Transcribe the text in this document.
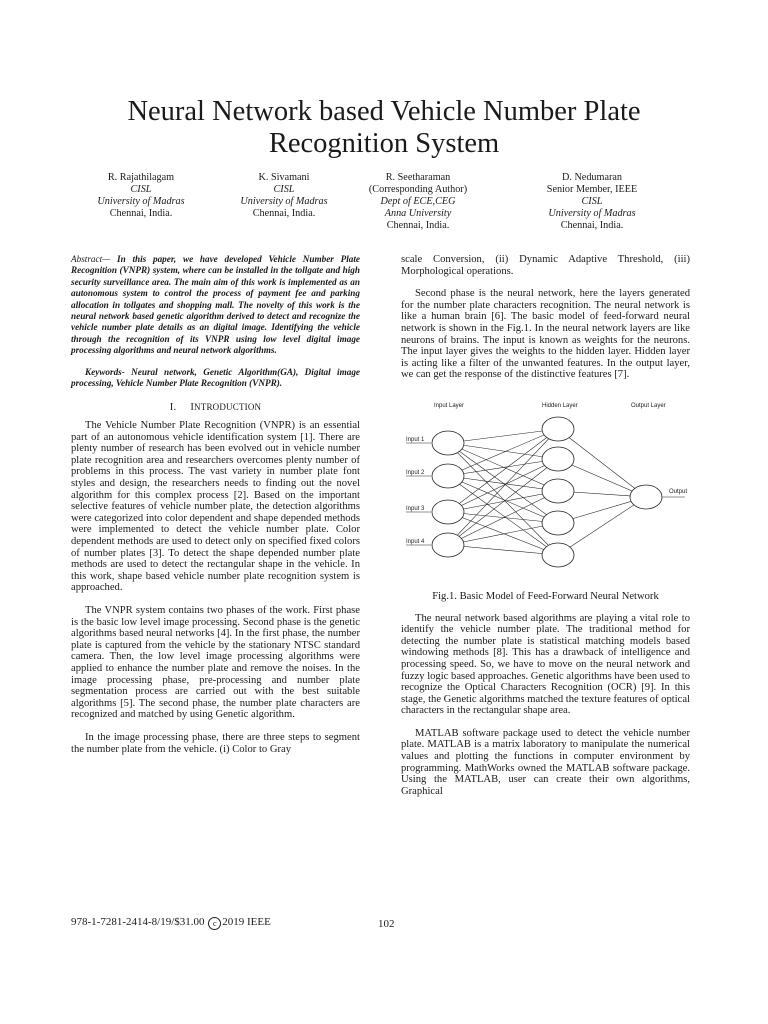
Neural Network based Vehicle Number Plate Recognition System
R. Rajathilagam
CISL
University of Madras
Chennai, India.
K. Sivamani
CISL
University of Madras
Chennai, India.
R. Seetharaman
(Corresponding Author)
Dept of ECE,CEG
Anna University
Chennai, India.
D. Nedumaran
Senior Member, IEEE
CISL
University of Madras
Chennai, India.

Abstract— In this paper, we have developed Vehicle Number Plate Recognition (VNPR) system, where can be installed in the tollgate and high security surveillance area. The main aim of this work is implemented as an autonomous system to control the process of payment fee and parking allocation in tollgates and shopping mall. The novelty of this work is the neural network based genetic algorithm derived to detect and recognize the vehicle number plate details as an digital image. Identifying the vehicle through the recognition of its VNPR using low level digital image processing algorithms and neural network algorithms.

Keywords- Neural network, Genetic Algorithm(GA), Digital image processing, Vehicle Number Plate Recognition (VNPR).

I. INTRODUCTION

The Vehicle Number Plate Recognition (VNPR) is an essential part of an autonomous vehicle identification system [1]. There are plenty number of research has been evolved out in vehicle number plate recognition area and researchers overcomes plenty number of problems in this process. The vast variety in number plate font styles and design, the researchers needs to finding out the novel algorithm for this complex process [2]. Based on the important selective features of vehicle number plate, the detection algorithms were categorized into color dependent and shape depended methods were implemented to detect the vehicle number plate. Color dependent methods are used to detect only on specified fixed colors of number plates [3]. To detect the shape depended number plate methods are used to detect the rectangular shape in the vehicle. In this work, shape based vehicle number plate recognition system is approached.

The VNPR system contains two phases of the work. First phase is the basic low level image processing. Second phase is the genetic algorithms based neural networks [4]. In the first phase, the number plate is captured from the vehicle by the stationary NTSC standard camera. Then, the low level image processing algorithms were applied to enhance the number plate and remove the noises. In the image processing phase, pre-processing and number plate segmentation process are carried out with the best suitable algorithms [5]. The second phase, the number plate characters are recognized and matched by using Genetic algorithm.

In the image processing phase, there are three steps to segment the number plate from the vehicle. (i) Color to Gray

scale Conversion, (ii) Dynamic Adaptive Threshold, (iii) Morphological operations.

Second phase is the neural network, here the layers generated for the number plate characters recognition. The neural network is like a human brain [6]. The basic model of feed-forward neural network is shown in the Fig.1. In the neural network layers are like neurons of brains. The input is known as weights for the neurons. The input layer gives the weights to the hidden layer. Hidden layer is acting like a filter of the unwanted features. In the output layer, we can get the response of the distinctive features [7].

Input Layer	Hidden Layer	Output Layer
Input 1
Input 2
Input 3
Input 4
Output
Fig.1. Basic Model of Feed-Forward Neural Network

The neural network based algorithms are playing a vital role to identify the vehicle number plate. The traditional method for detecting the number plate is statistical matching models based windowing methods [8]. This has a drawback of intelligence and processing speed. So, we have to move on the neural network and fuzzy logic based approaches. Genetic algorithms have been used to recognize the Optical Characters Recognition (OCR) [9]. In this stage, the Genetic algorithms matched the texture features of optical characters in the rectangular shape area.

MATLAB software package used to detect the vehicle number plate. MATLAB is a matrix laboratory to manipulate the numerical values and plotting the functions in computer environment by programming. MathWorks owned the MATLAB software package. Using the MATLAB, user can create their own algorithms, Graphical

978-1-7281-2414-8/19/$31.00 c 2019 IEEE	102
